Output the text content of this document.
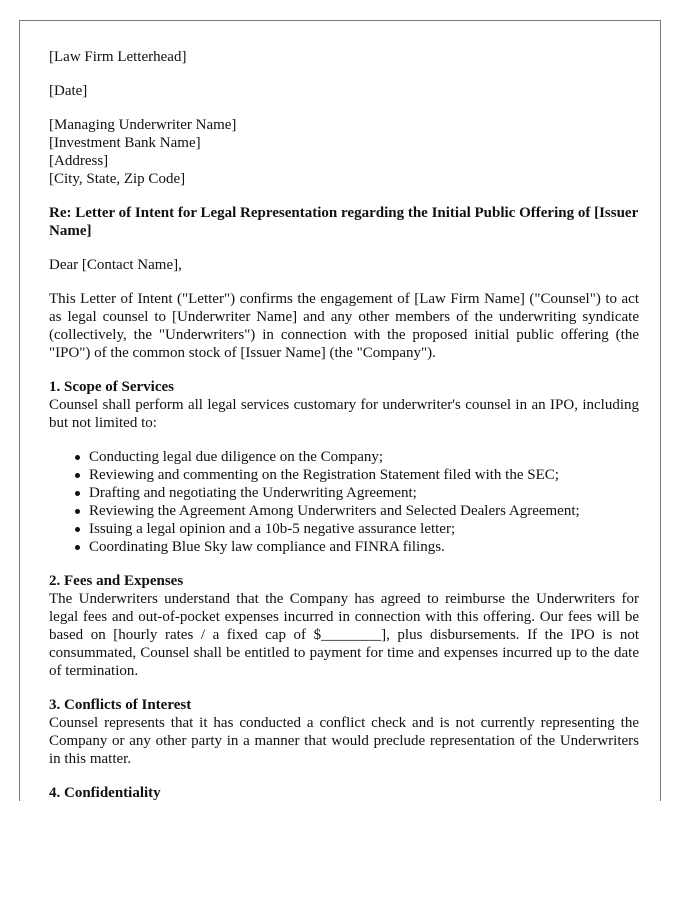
[Law Firm Letterhead]

[Date]

[Managing Underwriter Name]
[Investment Bank Name]
[Address]
[City, State, Zip Code]

Re: Letter of Intent for Legal Representation regarding the Initial Public Offering of [Issuer Name]

Dear [Contact Name],

This Letter of Intent ("Letter") confirms the engagement of [Law Firm Name] ("Counsel") to act as legal counsel to [Underwriter Name] and any other members of the underwriting syndicate (collectively, the "Underwriters") in connection with the proposed initial public offering (the "IPO") of the common stock of [Issuer Name] (the "Company").

1. Scope of Services

Counsel shall perform all legal services customary for underwriter's counsel in an IPO, including but not limited to:

Conducting legal due diligence on the Company;
Reviewing and commenting on the Registration Statement filed with the SEC;
Drafting and negotiating the Underwriting Agreement;
Reviewing the Agreement Among Underwriters and Selected Dealers Agreement;
Issuing a legal opinion and a 10b-5 negative assurance letter;
Coordinating Blue Sky law compliance and FINRA filings.
2. Fees and Expenses

The Underwriters understand that the Company has agreed to reimburse the Underwriters for legal fees and out-of-pocket expenses incurred in connection with this offering. Our fees will be based on [hourly rates / a fixed cap of $________], plus disbursements. If the IPO is not consummated, Counsel shall be entitled to payment for time and expenses incurred up to the date of termination.

3. Conflicts of Interest

Counsel represents that it has conducted a conflict check and is not currently representing the Company or any other party in a manner that would preclude representation of the Underwriters in this matter.

4. Confidentiality
